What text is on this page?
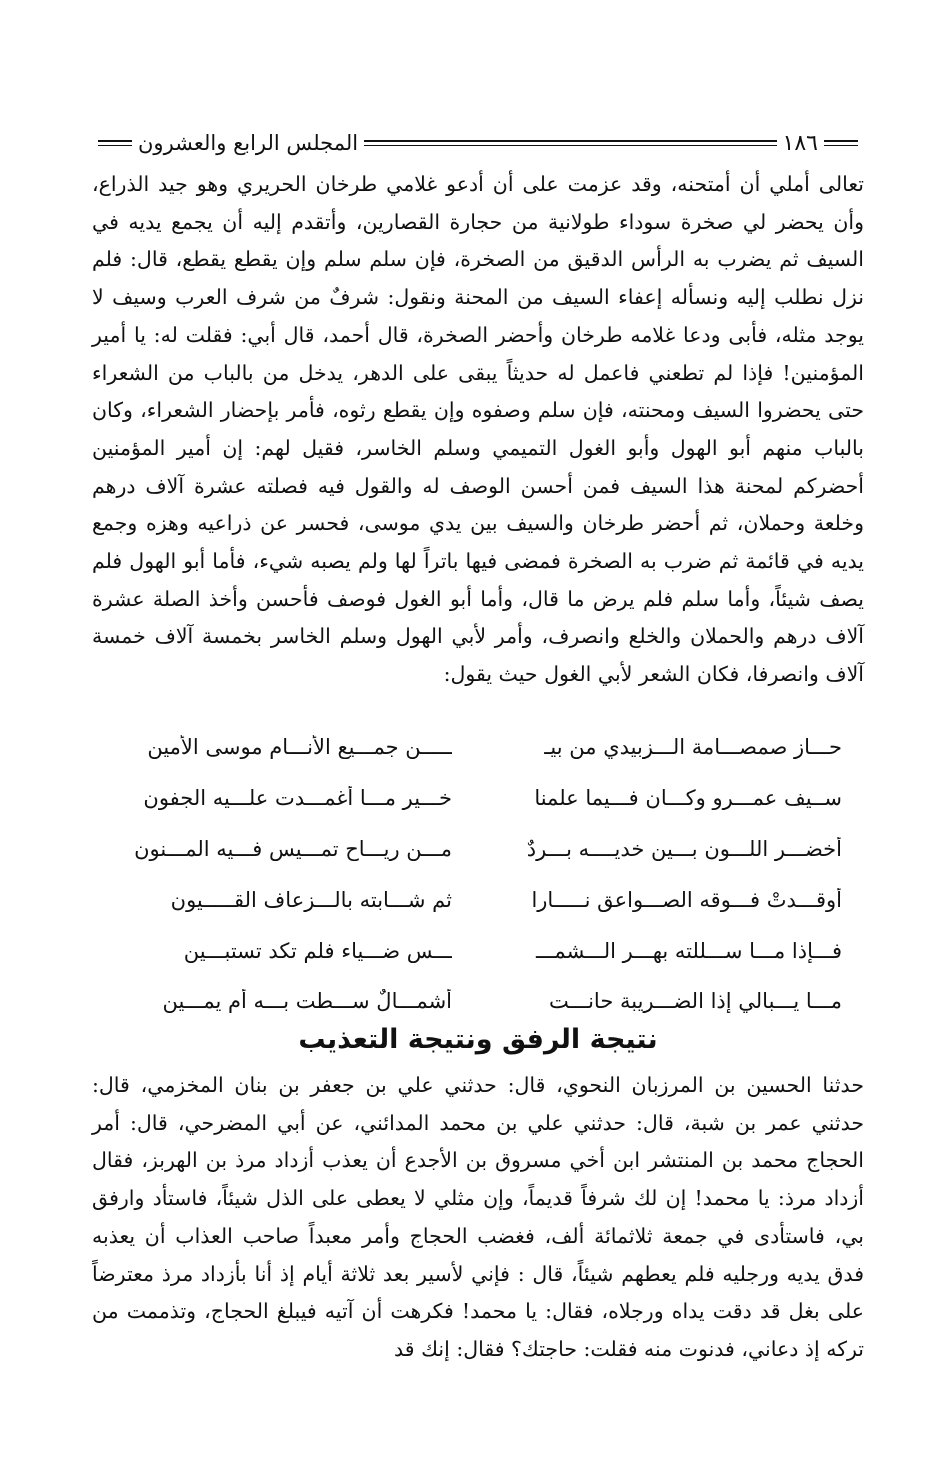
المجلس الرابع والعشرون	١٨٦

تعالى أملي أن أمتحنه، وقد عزمت على أن أدعو غلامي طرخان الحريري وهو جيد الذراع، وأن يحضر لي صخرة سوداء طولانية من حجارة القصارين، وأتقدم إليه أن يجمع يديه في السيف ثم يضرب به الرأس الدقيق من الصخرة، فإن سلم سلم وإن يقطع يقطع، قال: فلم نزل نطلب إليه ونسأله إعفاء السيف من المحنة ونقول: شرفٌ من شرف العرب وسيف لا يوجد مثله، فأبى ودعا غلامه طرخان وأحضر الصخرة، قال أحمد، قال أبي: فقلت له: يا أمير المؤمنين! فإذا لم تطعني فاعمل له حديثاً يبقى على الدهر، يدخل من بالباب من الشعراء حتى يحضروا السيف ومحنته، فإن سلم وصفوه وإن يقطع رثوه، فأمر بإحضار الشعراء، وكان بالباب منهم أبو الهول وأبو الغول التميمي وسلم الخاسر، فقيل لهم: إن أمير المؤمنين أحضركم لمحنة هذا السيف فمن أحسن الوصف له والقول فيه فصلته عشرة آلاف درهم وخلعة وحملان، ثم أحضر طرخان والسيف بين يدي موسى، فحسر عن ذراعيه وهزه وجمع يديه في قائمة ثم ضرب به الصخرة فمضى فيها باتراً لها ولم يصبه شيء، فأما أبو الهول فلم يصف شيئاً، وأما سلم فلم يرض ما قال، وأما أبو الغول فوصف فأحسن وأخذ الصلة عشرة آلاف درهم والحملان والخلع وانصرف، وأمر لأبي الهول وسلم الخاسر بخمسة آلاف خمسة آلاف وانصرفا، فكان الشعر لأبي الغول حيث يقول:

حـــاز صمصـــامة الـــزبيدي من بيـ
ـــــن جمـــيع الأنـــام موسى الأمين
ســيف عمـــرو وكـــان فـــيما علمنا
خـــير مـــا أغمـــدت علـــيه الجفون
أخضـــر اللـــون بـــين خديــــه بـــردٌ
مـــن ريـــاحٍ تمـــيس فـــيه المـــنون
أوقـــدتْ فـــوقه الصـــواعق نـــــارا
ثم شـــابته بالـــزعاف القـــــيون
فـــإذا مـــا ســـللته بهـــر الـــشمـــ
ـــس ضـــياء فلم تكد تستبـــين
مـــا يـــبالي إذا الضـــريبة حانـــت
أشمـــالٌ ســـطت بـــه أم يمـــين
نتيجة الرفق ونتيجة التعذيب

حدثنا الحسين بن المرزبان النحوي، قال: حدثني علي بن جعفر بن بنان المخزمي، قال: حدثني عمر بن شبة، قال: حدثني علي بن محمد المدائني، عن أبي المضرحي، قال: أمر الحجاج محمد بن المنتشر ابن أخي مسروق بن الأجدع أن يعذب أزداد مرذ بن الهربز، فقال أزداد مرذ: يا محمد! إن لك شرفاً قديماً، وإن مثلي لا يعطى على الذل شيئاً، فاستأد وارفق بي، فاستأدى في جمعة ثلاثمائة ألف، فغضب الحجاج وأمر معبداً صاحب العذاب أن يعذبه فدق يديه ورجليه فلم يعطهم شيئاً، قال : فإني لأسير بعد ثلاثة أيام إذ أنا بأزداد مرذ معترضاً على بغل قد دقت يداه ورجلاه، فقال: يا محمد! فكرهت أن آتيه فيبلغ الحجاج، وتذممت من تركه إذ دعاني، فدنوت منه فقلت: حاجتك؟ فقال: إنك قد
